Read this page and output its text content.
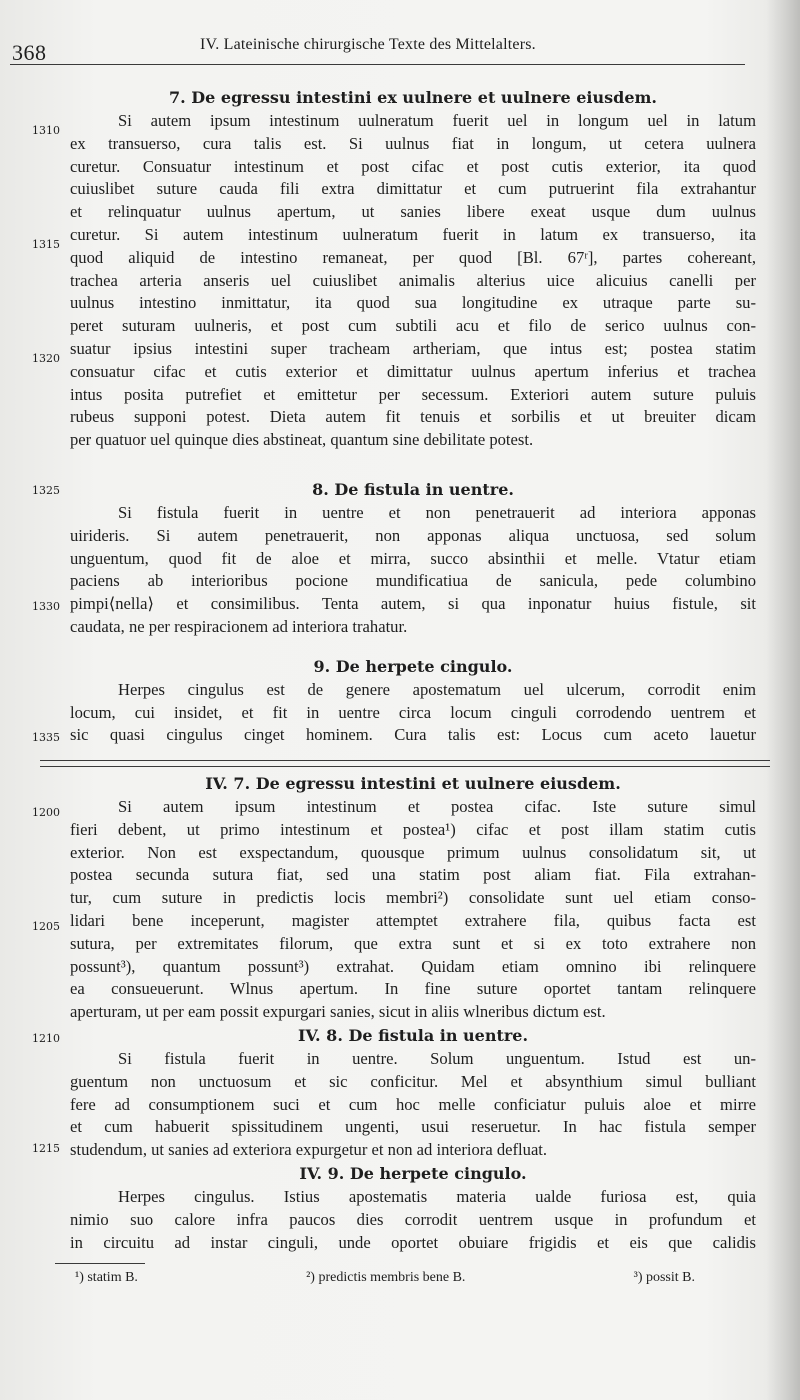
368	IV. Lateinische chirurgische Texte des Mittelalters.
1310
1315
1320
1325
1330
1335
7. De egressu intestini ex uulnere et uulnere eiusdem.
Si autem ipsum intestinum uulneratum fuerit uel in longum uel in latum
ex transuerso, cura talis est. Si uulnus fiat in longum, ut cetera uulnera
curetur. Consuatur intestinum et post cifac et post cutis exterior, ita quod
cuiuslibet suture cauda fili extra dimittatur et cum putruerint fila extrahantur
et relinquatur uulnus apertum, ut sanies libere exeat usque dum uulnus
curetur. Si autem intestinum uulneratum fuerit in latum ex transuerso, ita
quod aliquid de intestino remaneat, per quod [Bl. 67ʳ], partes cohereant,
trachea arteria anseris uel cuiuslibet animalis alterius uice alicuius canelli per
uulnus intestino inmittatur, ita quod sua longitudine ex utraque parte su-
peret suturam uulneris, et post cum subtili acu et filo de serico uulnus con-
suatur ipsius intestini super tracheam artheriam, que intus est; postea statim
consuatur cifac et cutis exterior et dimittatur uulnus apertum inferius et trachea
intus posita putrefiet et emittetur per secessum. Exteriori autem suture puluis
rubeus supponi potest. Dieta autem fit tenuis et sorbilis et ut breuiter dicam
per quatuor uel quinque dies abstineat, quantum sine debilitate potest.
8. De fistula in uentre.
Si fistula fuerit in uentre et non penetrauerit ad interiora apponas
uirideris. Si autem penetrauerit, non apponas aliqua unctuosa, sed solum
unguentum, quod fit de aloe et mirra, succo absinthii et melle. Vtatur etiam
paciens ab interioribus pocione mundificatiua de sanicula, pede columbino
pimpi⟨nella⟩ et consimilibus. Tenta autem, si qua inponatur huius fistule, sit
caudata, ne per respiracionem ad interiora trahatur.
9. De herpete cingulo.
Herpes cingulus est de genere apostematum uel ulcerum, corrodit enim
locum, cui insidet, et fit in uentre circa locum cinguli corrodendo uentrem et
sic quasi cingulus cinget hominem. Cura talis est: Locus cum aceto lauetur
1200
1205
1210
1215
IV. 7. De egressu intestini et uulnere eiusdem.
Si autem ipsum intestinum et postea cifac. Iste suture simul
fieri debent, ut primo intestinum et postea¹) cifac et post illam statim cutis
exterior. Non est exspectandum, quousque primum uulnus consolidatum sit, ut
postea secunda sutura fiat, sed una statim post aliam fiat. Fila extrahan-
tur, cum suture in predictis locis membri²) consolidate sunt uel etiam conso-
lidari bene inceperunt, magister attemptet extrahere fila, quibus facta est
sutura, per extremitates filorum, que extra sunt et si ex toto extrahere non
possunt³), quantum possunt³) extrahat. Quidam etiam omnino ibi relinquere
ea consueuerunt. Wlnus apertum. In fine suture oportet tantam relinquere
aperturam, ut per eam possit expurgari sanies, sicut in aliis wlneribus dictum est.
IV. 8. De fistula in uentre.
Si fistula fuerit in uentre. Solum unguentum. Istud est un-
guentum non unctuosum et sic conficitur. Mel et absynthium simul bulliant
fere ad consumptionem suci et cum hoc melle conficiatur puluis aloe et mirre
et cum habuerit spissitudinem ungenti, usui reseruetur. In hac fistula semper
studendum, ut sanies ad exteriora expurgetur et non ad interiora defluat.
IV. 9. De herpete cingulo.
Herpes cingulus. Istius apostematis materia ualde furiosa est, quia
nimio suo calore infra paucos dies corrodit uentrem usque in profundum et
in circuitu ad instar cinguli, unde oportet obuiare frigidis et eis que calidis
¹) statim B.	²) predictis membris bene B.	³) possit B.
